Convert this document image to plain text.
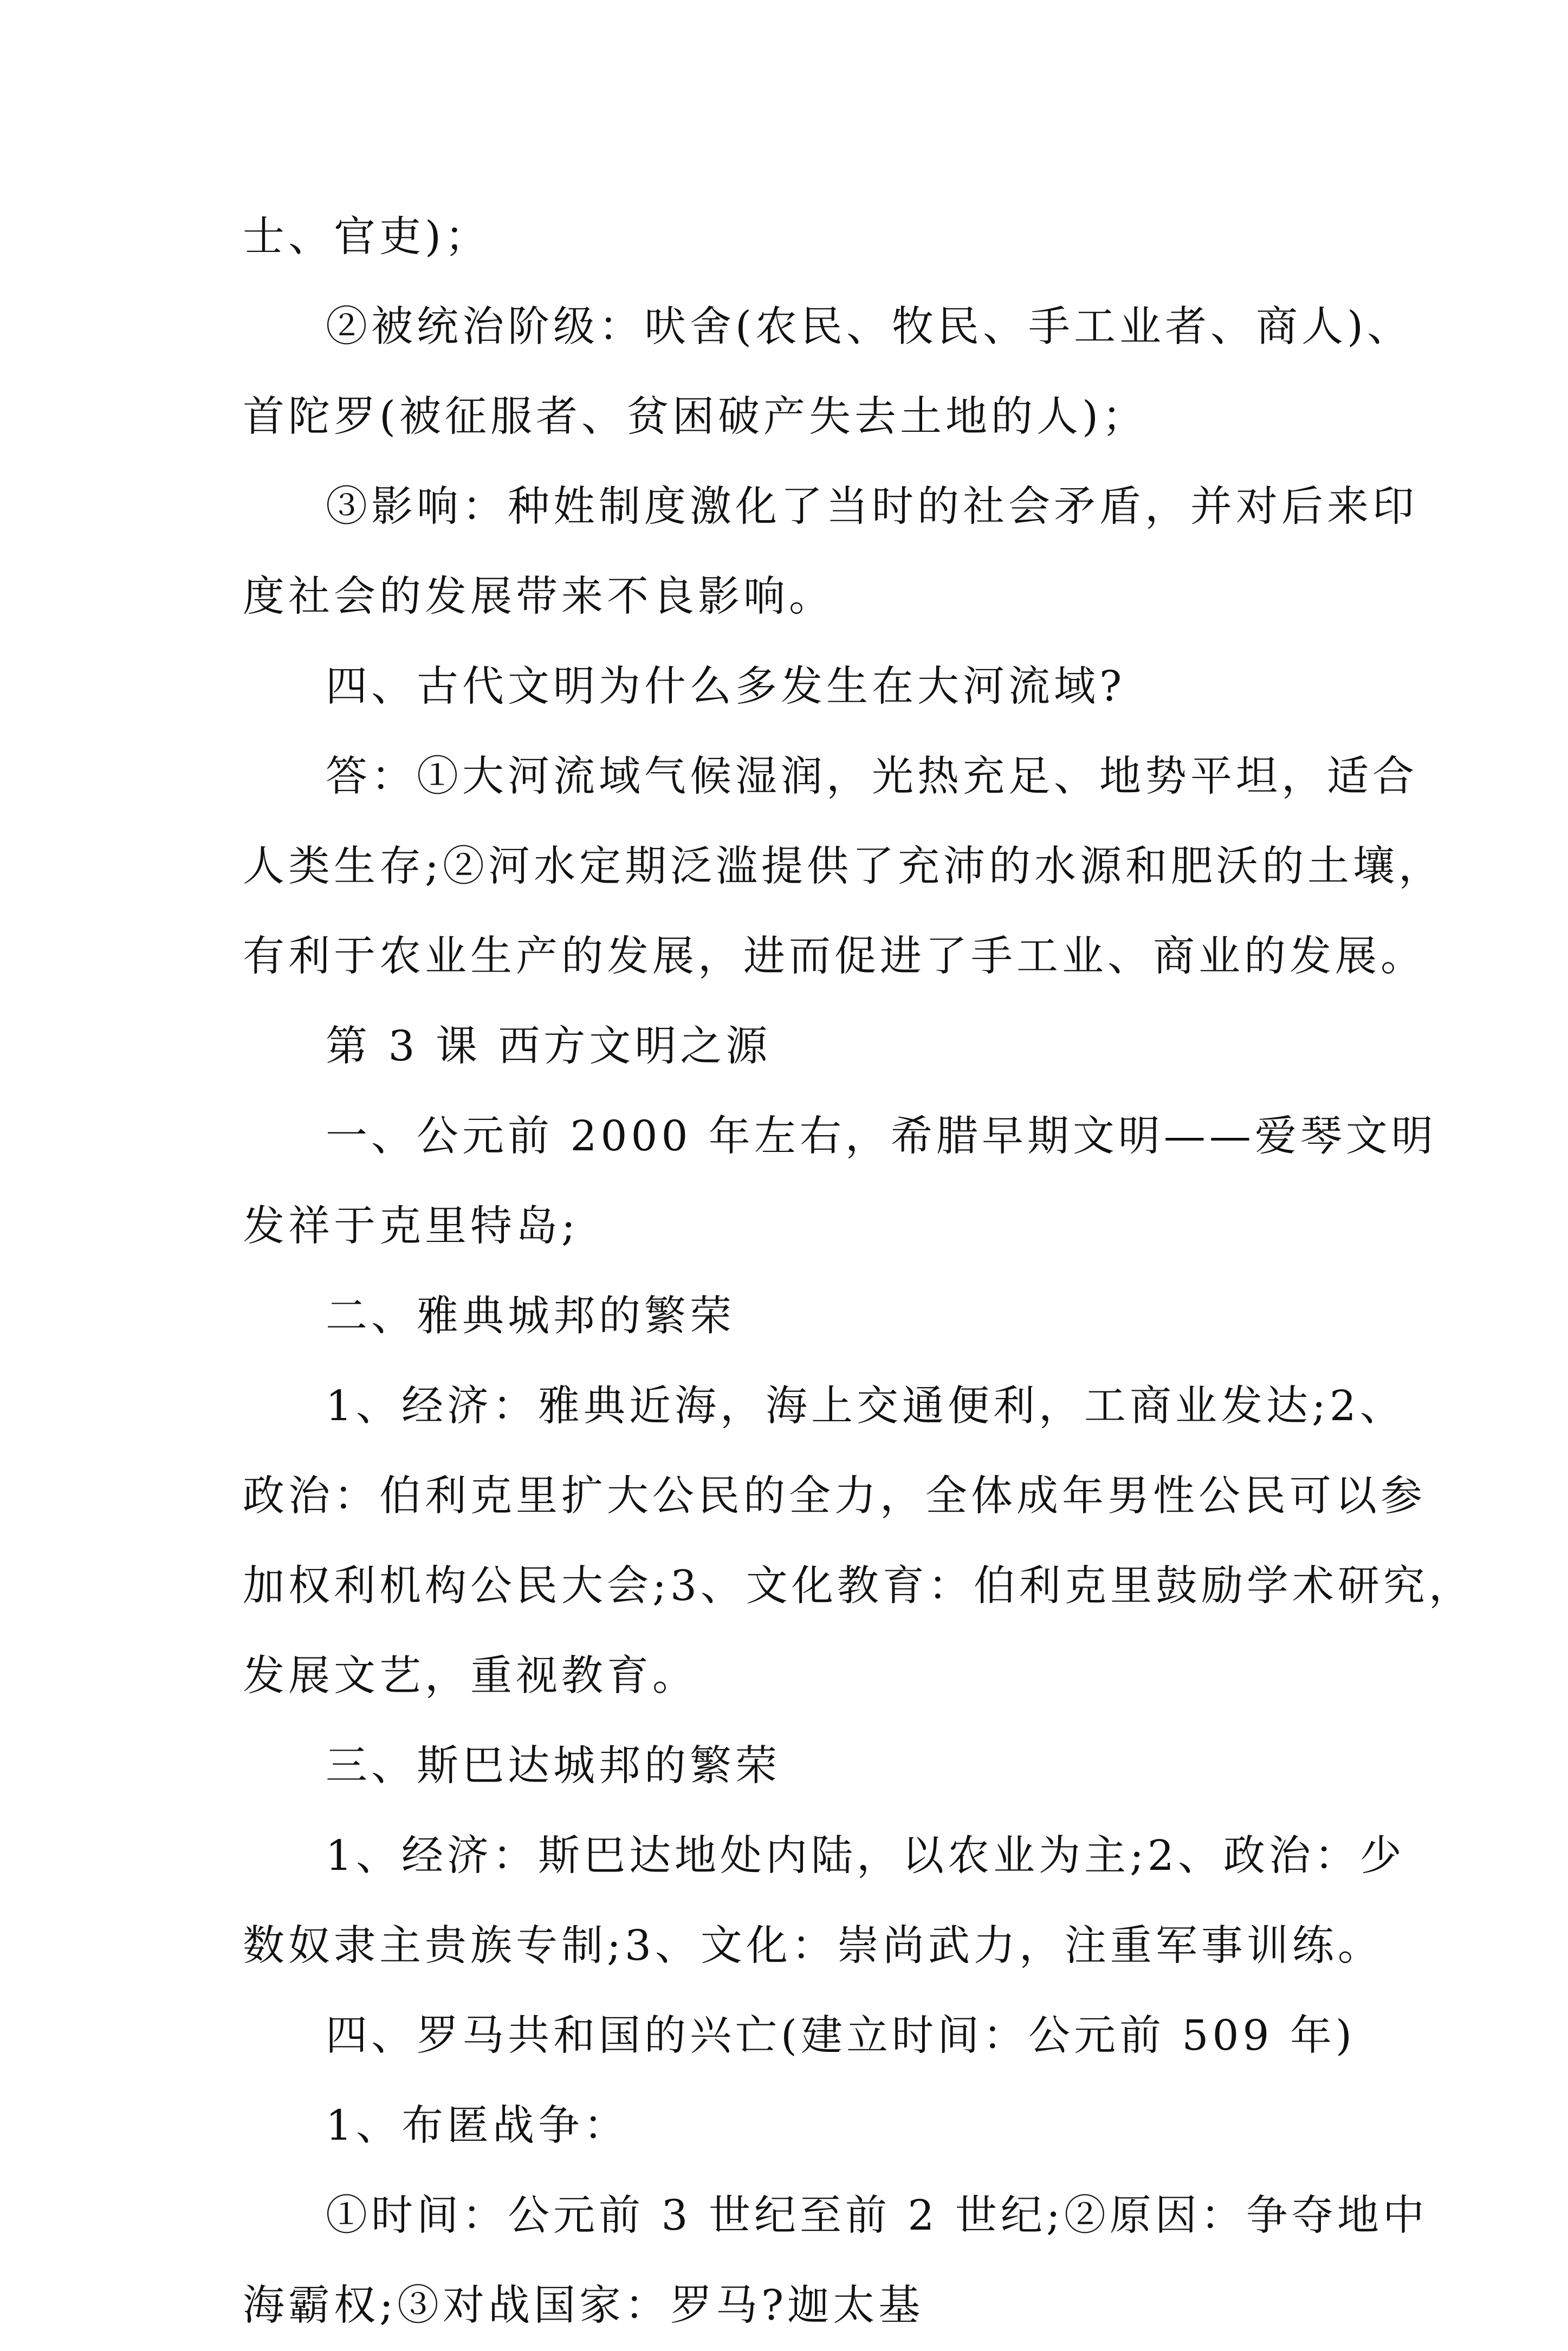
士、官吏)；
②被统治阶级：吠舍(农民、牧民、手工业者、商人)、
首陀罗(被征服者、贫困破产失去土地的人)；
③影响：种姓制度激化了当时的社会矛盾，并对后来印
度社会的发展带来不良影响。
四、古代文明为什么多发生在大河流域?
答：①大河流域气候湿润，光热充足、地势平坦，适合
人类生存;②河水定期泛滥提供了充沛的水源和肥沃的土壤，
有利于农业生产的发展，进而促进了手工业、商业的发展。
第 3 课 西方文明之源
一、公元前 2000 年左右，希腊早期文明——爱琴文明
发祥于克里特岛;
二、雅典城邦的繁荣
1、经济：雅典近海，海上交通便利，工商业发达;2、
政治：伯利克里扩大公民的全力，全体成年男性公民可以参
加权利机构公民大会;3、文化教育：伯利克里鼓励学术研究，
发展文艺，重视教育。
三、斯巴达城邦的繁荣
1、经济：斯巴达地处内陆，以农业为主;2、政治：少
数奴隶主贵族专制;3、文化：崇尚武力，注重军事训练。
四、罗马共和国的兴亡(建立时间：公元前 509 年)
1、布匿战争：
①时间：公元前 3 世纪至前 2 世纪;②原因：争夺地中
海霸权;③对战国家：罗马?迦太基
